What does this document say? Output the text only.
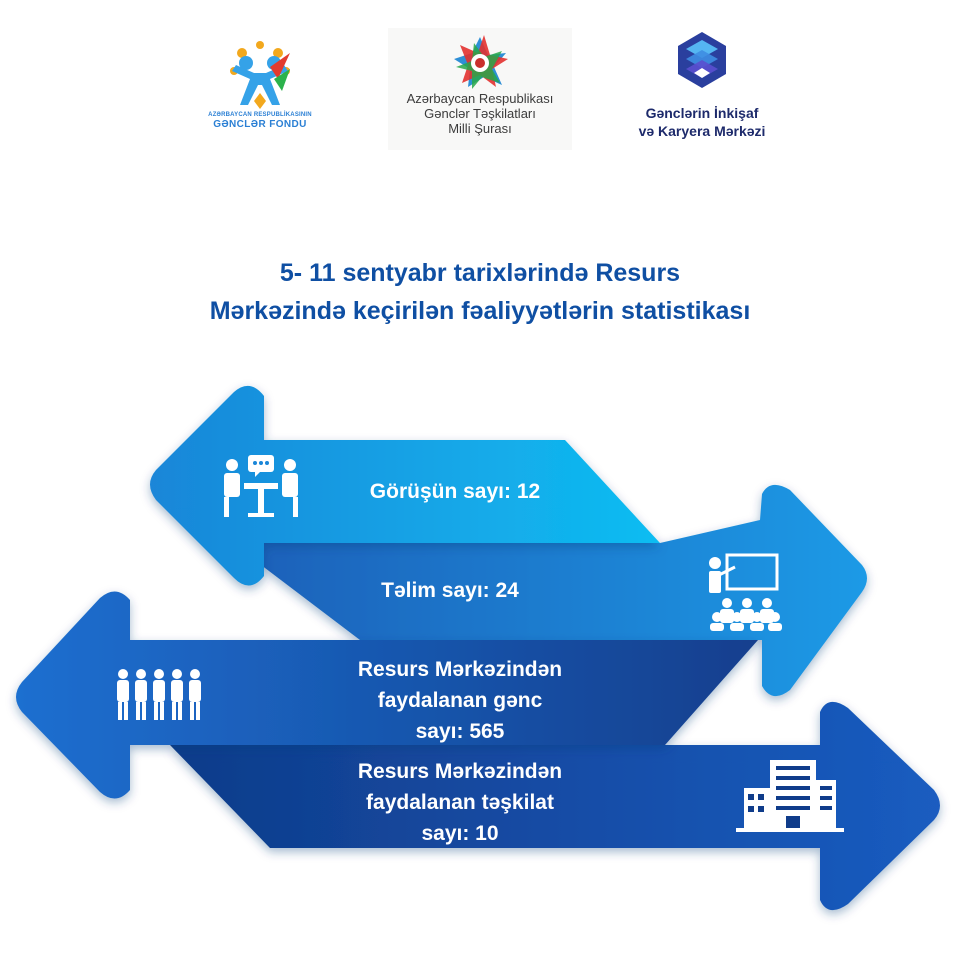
AZƏRBAYCAN RESPUBLİKASININ
GƏNCLƏR FONDU
Azərbaycan Respublikası
Gənclər Təşkilatları
Milli Şurası
Gənclərin İnkişaf
və Karyera Mərkəzi
5- 11 sentyabr tarixlərində Resurs
Mərkəzində keçirilən fəaliyyətlərin statistikası
Görüşün sayı: 12
Təlim sayı: 24
Resurs Mərkəzindən
faydalanan gənc
sayı: 565
Resurs Mərkəzindən
faydalanan təşkilat
sayı: 10
